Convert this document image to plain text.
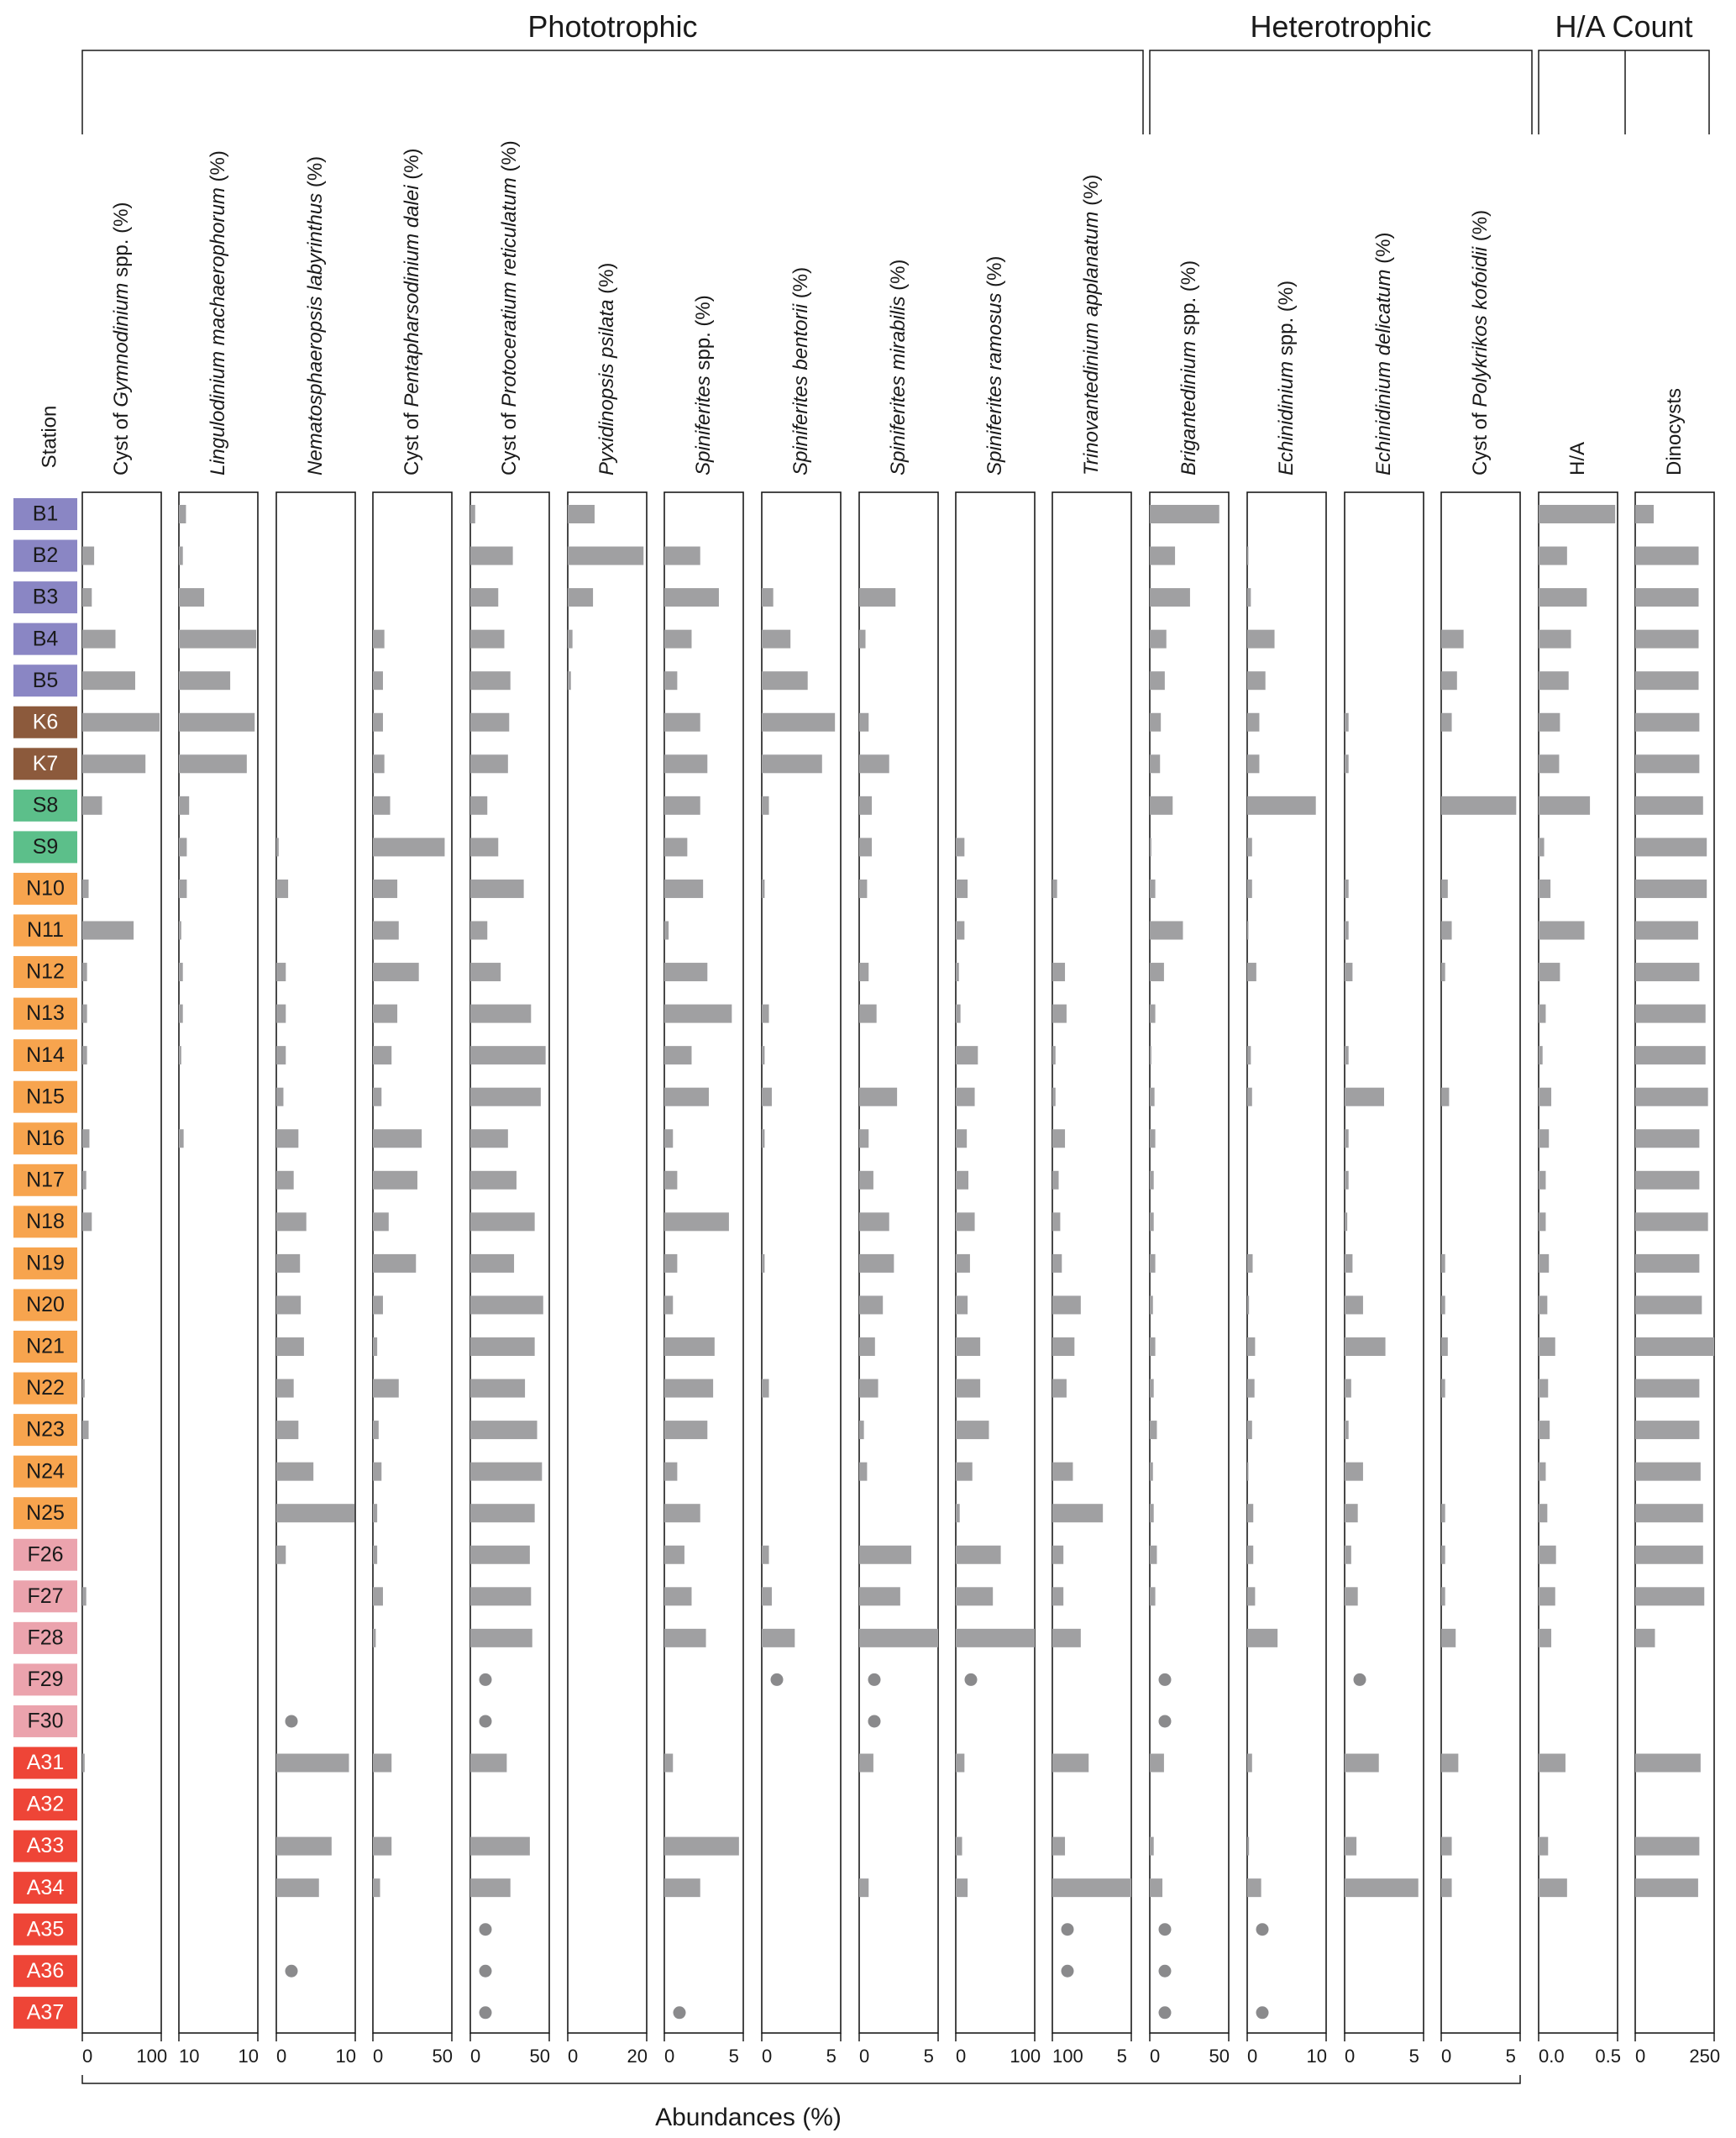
Phototrophic	Heterotrophic	H/A Count
Cyst of Gymnodinium spp. (%)	Lingulodinium machaerophorum (%)
Nematosphaeropsis labyrinthus (%)
Cyst of Pentapharsodinium dalei (%)
Cyst of Protoceratium reticulatum (%)
Pyxidinopsis psilata (%)
Spiniferites spp. (%)	Spiniferites bentorii (%)
Spiniferites mirabilis (%)
Spiniferites ramosus (%)	Trinovantedinium applanatum (%)
Brigantedinium spp. (%)
Echinidinium spp. (%)	Echinidinium delicatum (%)
Cyst of Polykrikos kofoidii (%)
H/A	Dinocysts
Station
B1
B2
B3
B4
B5
K6
K7
S8
S9
N10
N11
N12
N13
N14
N15
N16
N17
N18
N19
N20
N21
N22
N23
N24
N25
F26
F27
F28
F29
F30
A31
A32
A33
A34
A35
A36
A37
0 100 10 10 0	10 0	50 0	50 0	20 0	5 0	5 0	5 0 100 100 5 0	50 0	10 0	5 0	5 0.0 0.5 0 250
Abundances (%)
